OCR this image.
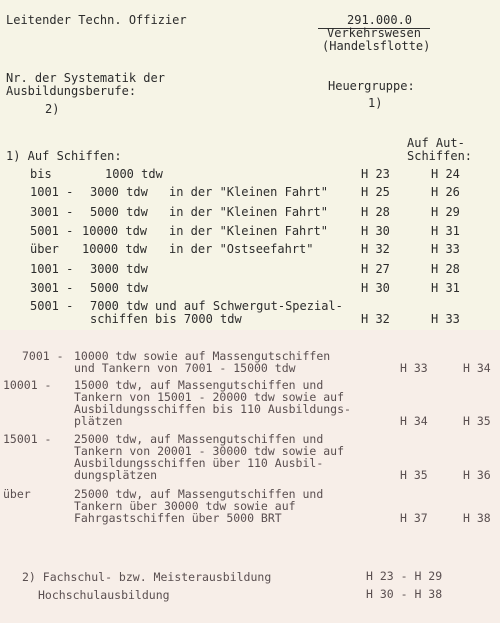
Leitender Techn. Offizier	291.000.0
Verkehrswesen
(Handelsflotte)
Nr. der Systematik der
Ausbildungsberufe:
2)
Heuergruppe:
1)
Auf Aut-
Schiffen:
1) Auf Schiffen:
bis	1000 tdw	H 23	H 24
1001 - 3000 tdw in der "Kleinen Fahrt"	H 25	H 26
3001 - 5000 tdw in der "Kleinen Fahrt"	H 28	H 29
5001 - 10000 tdw in der "Kleinen Fahrt"	H 30	H 31
über 10000 tdw in der "Ostseefahrt"	H 32	H 33
1001 - 3000 tdw	H 27	H 28
3001 - 5000 tdw	H 30	H 31
5001 - 7000 tdw und auf Schwergut-Spezial-
schiffen bis 7000 tdw	H 32	H 33
7001 - 10000 tdw sowie auf Massengutschiffen
und Tankern von 7001 - 15000 tdw	H 33	H 34
10001 - 15000 tdw, auf Massengutschiffen und
Tankern von 15001 - 20000 tdw sowie auf
Ausbildungsschiffen bis 110 Ausbildungs-
plätzen	H 34	H 35
15001 - 25000 tdw, auf Massengutschiffen und
Tankern von 20001 - 30000 tdw sowie auf
Ausbildungsschiffen über 110 Ausbil-
dungsplätzen	H 35	H 36
über	25000 tdw, auf Massengutschiffen und
Tankern über 30000 tdw sowie auf
Fahrgastschiffen über 5000 BRT	H 37	H 38
2) Fachschul- bzw. Meisterausbildung	H 23 - H 29
Hochschulausbildung	H 30 - H 38
